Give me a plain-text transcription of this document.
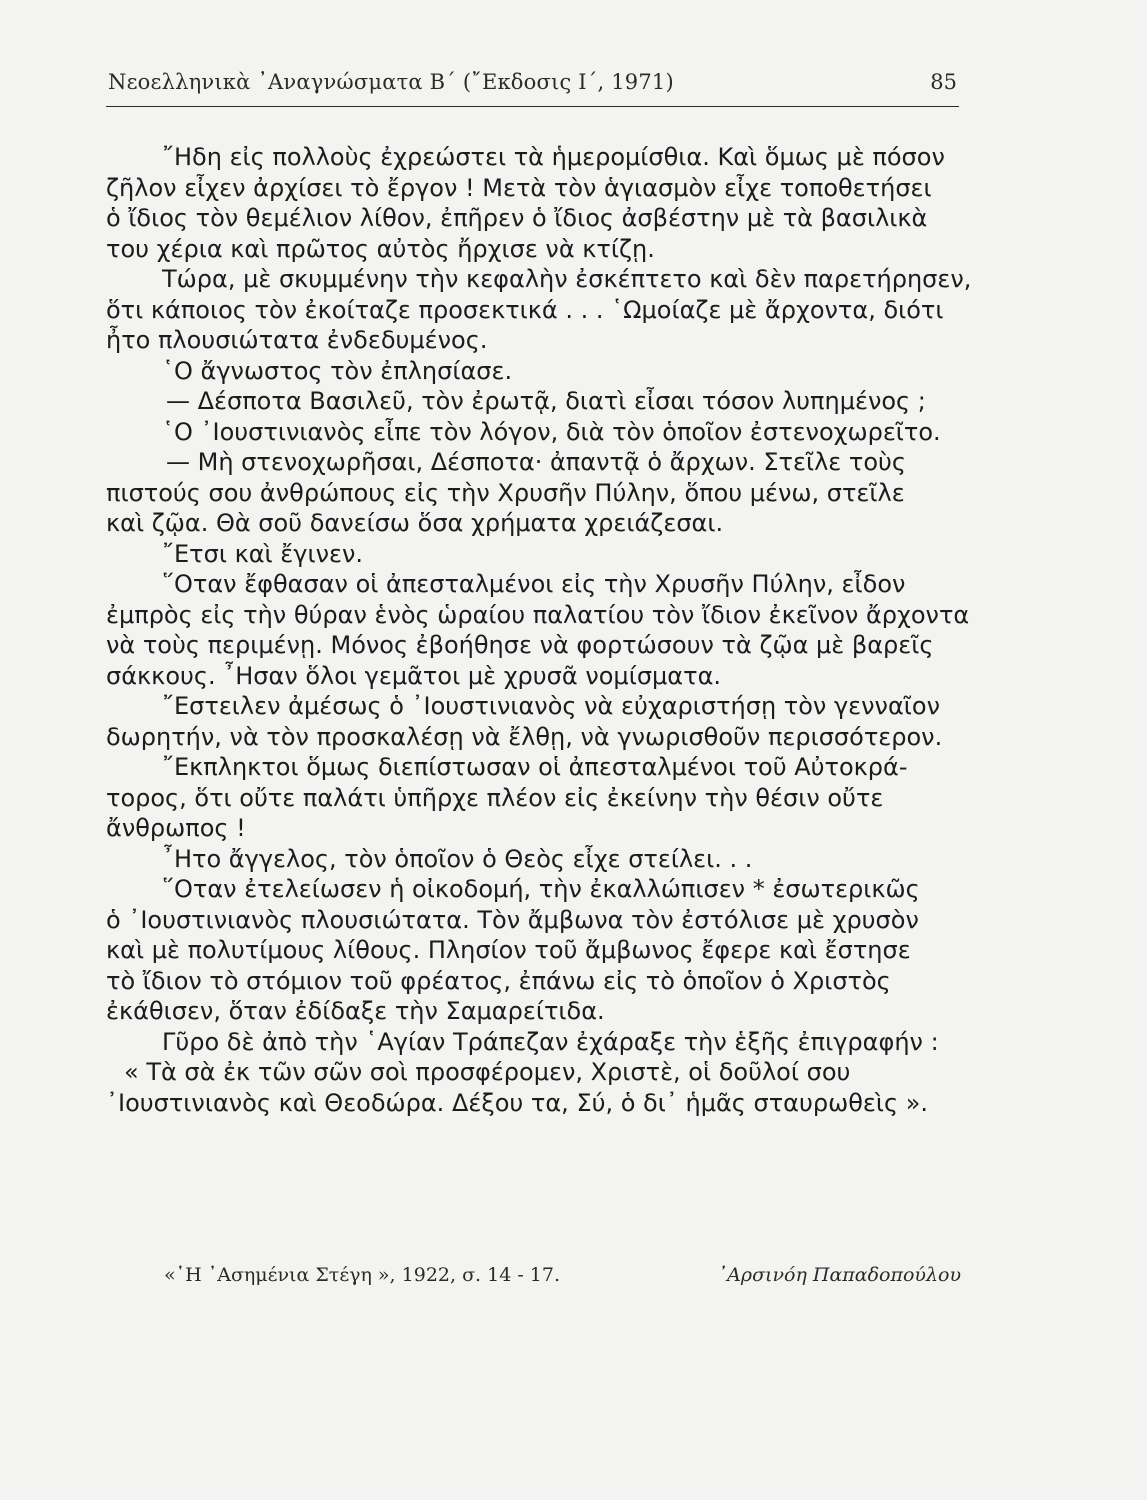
Νεοελληνικὰ ᾿Αναγνώσματα Β΄ (῎Εκδοσις Ι΄, 1971)	85
῎Ηδη εἰς πολλοὺς ἐχρεώστει τὰ ἡμερομίσθια. Καὶ ὅμως μὲ πόσον
ζῆλον εἶχεν ἀρχίσει τὸ ἔργον ! Μετὰ τὸν ἁγιασμὸν εἶχε τοποθετήσει
ὁ ἴδιος τὸν θεμέλιον λίθον, ἐπῆρεν ὁ ἴδιος ἀσβέστην μὲ τὰ βασιλικὰ
του χέρια καὶ πρῶτος αὐτὸς ἤρχισε νὰ κτίζῃ.
Τώρα, μὲ σκυμμένην τὴν κεφαλὴν ἐσκέπτετο καὶ δὲν παρετήρησεν,
ὅτι κάποιος τὸν ἐκοίταζε προσεκτικά . . . ῾Ωμοίαζε μὲ ἄρχοντα, διότι
ἦτο πλουσιώτατα ἐνδεδυμένος.
῾Ο ἄγνωστος τὸν ἐπλησίασε.
— Δέσποτα Βασιλεῦ, τὸν ἐρωτᾷ, διατὶ εἶσαι τόσον λυπημένος ;
῾Ο ᾿Ιουστινιανὸς εἶπε τὸν λόγον, διὰ τὸν ὁποῖον ἐστενοχωρεῖτο.
— Μὴ στενοχωρῆσαι, Δέσποτα· ἀπαντᾷ ὁ ἄρχων. Στεῖλε τοὺς
πιστούς σου ἀνθρώπους εἰς τὴν Χρυσῆν Πύλην, ὅπου μένω, στεῖλε
καὶ ζῷα. Θὰ σοῦ δανείσω ὅσα χρήματα χρειάζεσαι.
῎Ετσι καὶ ἔγινεν.
῞Οταν ἔφθασαν οἱ ἀπεσταλμένοι εἰς τὴν Χρυσῆν Πύλην, εἶδον
ἐμπρὸς εἰς τὴν θύραν ἑνὸς ὡραίου παλατίου τὸν ἴδιον ἐκεῖνον ἄρχοντα
νὰ τοὺς περιμένῃ. Μόνος ἐβοήθησε νὰ φορτώσουν τὰ ζῷα μὲ βαρεῖς
σάκκους. ῏Ησαν ὅλοι γεμᾶτοι μὲ χρυσᾶ νομίσματα.
῎Εστειλεν ἀμέσως ὁ ᾿Ιουστινιανὸς νὰ εὐχαριστήσῃ τὸν γενναῖον
δωρητήν, νὰ τὸν προσκαλέσῃ νὰ ἔλθῃ, νὰ γνωρισθοῦν περισσότερον.
῎Εκπληκτοι ὅμως διεπίστωσαν οἱ ἀπεσταλμένοι τοῦ Αὐτοκρά-
τορος, ὅτι οὔτε παλάτι ὑπῆρχε πλέον εἰς ἐκείνην τὴν θέσιν οὔτε
ἄνθρωπος !
῏Ητο ἄγγελος, τὸν ὁποῖον ὁ Θεὸς εἶχε στείλει. . .
῞Οταν ἐτελείωσεν ἡ οἰκοδομή, τὴν ἐκαλλώπισεν * ἐσωτερικῶς
ὁ ᾿Ιουστινιανὸς πλουσιώτατα. Τὸν ἄμβωνα τὸν ἐστόλισε μὲ χρυσὸν
καὶ μὲ πολυτίμους λίθους. Πλησίον τοῦ ἄμβωνος ἔφερε καὶ ἔστησε
τὸ ἴδιον τὸ στόμιον τοῦ φρέατος, ἐπάνω εἰς τὸ ὁποῖον ὁ Χριστὸς
ἐκάθισεν, ὅταν ἐδίδαξε τὴν Σαμαρείτιδα.
Γῦρο δὲ ἀπὸ τὴν ῾Αγίαν Τράπεζαν ἐχάραξε τὴν ἑξῆς ἐπιγραφήν :
« Τὰ σὰ ἐκ τῶν σῶν σοὶ προσφέρομεν, Χριστὲ, οἱ δοῦλοί σου
᾿Ιουστινιανὸς καὶ Θεοδώρα. Δέξου τα, Σύ, ὁ δι᾿ ἡμᾶς σταυρωθεὶς ».
«῾Η ᾿Ασημένια Στέγη », 1922, σ. 14 - 17.	᾿Αρσινόη Παπαδοπούλου
